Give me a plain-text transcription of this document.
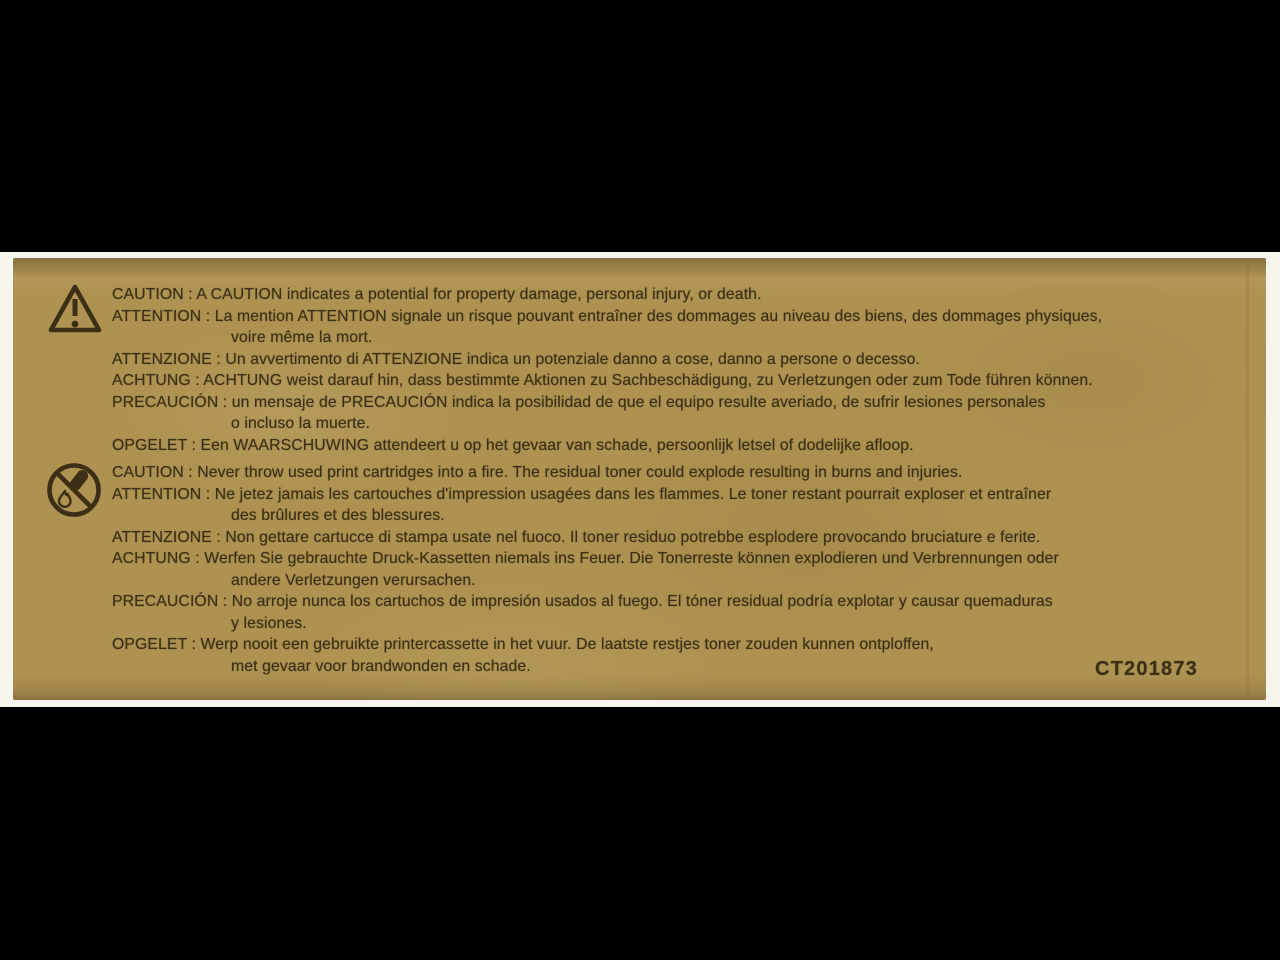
CAUTION : A CAUTION indicates a potential for property damage, personal injury, or death.
ATTENTION : La mention ATTENTION signale un risque pouvant entraîner des dommages au niveau des biens, des dommages physiques,
voire même la mort.
ATTENZIONE : Un avvertimento di ATTENZIONE indica un potenziale danno a cose, danno a persone o decesso.
ACHTUNG : ACHTUNG weist darauf hin, dass bestimmte Aktionen zu Sachbeschädigung, zu Verletzungen oder zum Tode führen können.
PRECAUCIÓN : un mensaje de PRECAUCIÓN indica la posibilidad de que el equipo resulte averiado, de sufrir lesiones personales
o incluso la muerte.
OPGELET : Een WAARSCHUWING attendeert u op het gevaar van schade, persoonlijk letsel of dodelijke afloop.
CAUTION : Never throw used print cartridges into a fire. The residual toner could explode resulting in burns and injuries.
ATTENTION : Ne jetez jamais les cartouches d'impression usagées dans les flammes. Le toner restant pourrait exploser et entraîner
des brûlures et des blessures.
ATTENZIONE : Non gettare cartucce di stampa usate nel fuoco. Il toner residuo potrebbe esplodere provocando bruciature e ferite.
ACHTUNG : Werfen Sie gebrauchte Druck-Kassetten niemals ins Feuer. Die Tonerreste können explodieren und Verbrennungen oder
andere Verletzungen verursachen.
PRECAUCIÓN : No arroje nunca los cartuchos de impresión usados al fuego. El tóner residual podría explotar y causar quemaduras
y lesiones.
OPGELET : Werp nooit een gebruikte printercassette in het vuur. De laatste restjes toner zouden kunnen ontploffen,
met gevaar voor brandwonden en schade.	CT201873
